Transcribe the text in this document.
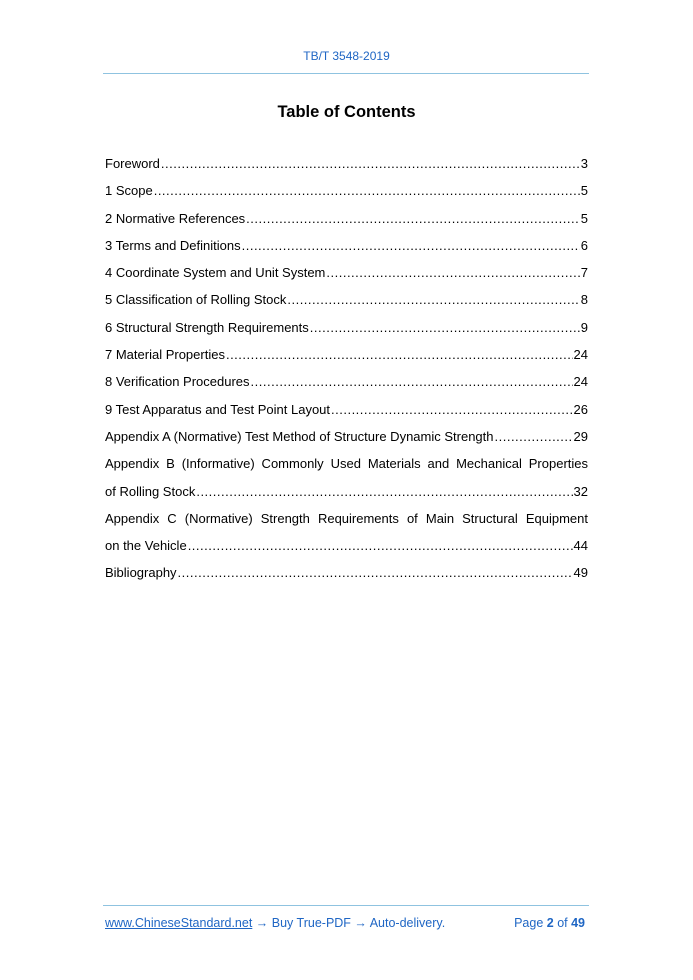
TB/T 3548-2019
Table of Contents
Foreword .....	3
1 Scope .....	5
2 Normative References .....	5
3 Terms and Definitions .....	6
4 Coordinate System and Unit System .....	7
5 Classification of Rolling Stock .....	8
6 Structural Strength Requirements .....	9
7 Material Properties .....	24
8 Verification Procedures .....	24
9 Test Apparatus and Test Point Layout .....	26
Appendix A (Normative) Test Method of Structure Dynamic Strength .....	29
Appendix B (Informative) Commonly Used Materials and Mechanical Properties
of Rolling Stock .....	32
Appendix C (Normative) Strength Requirements of Main Structural Equipment
on the Vehicle .....	44
Bibliography .....	49
www.ChineseStandard.net → Buy True-PDF → Auto-delivery.	Page 2 of 49
